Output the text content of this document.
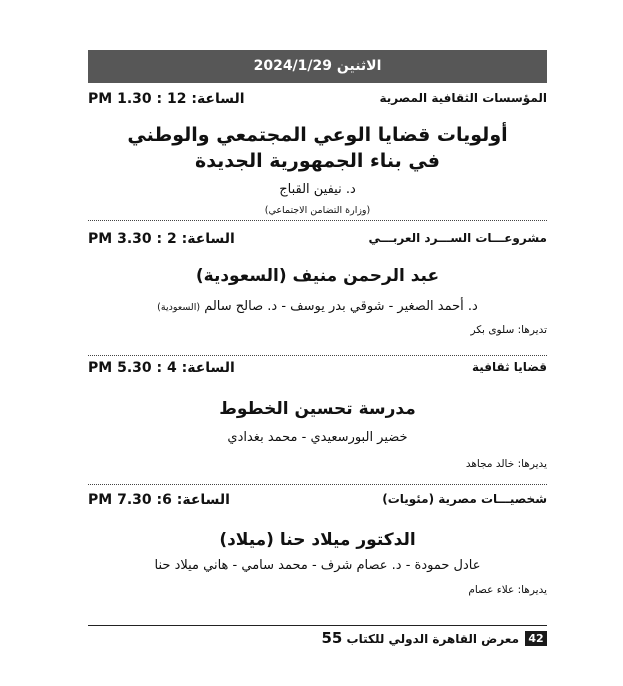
الاثنين 2024/1/29
الساعة: 12 : 1.30 PM	المؤسسات الثقافية المصرية
أولويات قضايا الوعي المجتمعي والوطني
في بناء الجمهورية الجديدة
د. نيفين القباج
(وزارة التضامن الاجتماعي)
الساعة: 2 : 3.30 PM	مشروعـــات الســـرد العربـــي
عبد الرحمن منيف (السعودية)
د. أحمد الصغير - شوقي بدر يوسف - د. صالح سالم (السعودية)
تديرها: سلوى بكر
الساعة: 4 : 5.30 PM	قضايا ثقافية
مدرسة تحسين الخطوط
خضير البورسعيدي - محمد بغدادي
يديرها: خالد مجاهد
الساعة: 6: 7.30 PM	شخصيـــات مصرية (مئويات)
الدكتور ميلاد حنا (ميلاد)
عادل حمودة - د. عصام شرف - محمد سامي - هاني ميلاد حنا
يديرها: علاء عصام
42
معرض القاهرة الدولي للكتاب 55
